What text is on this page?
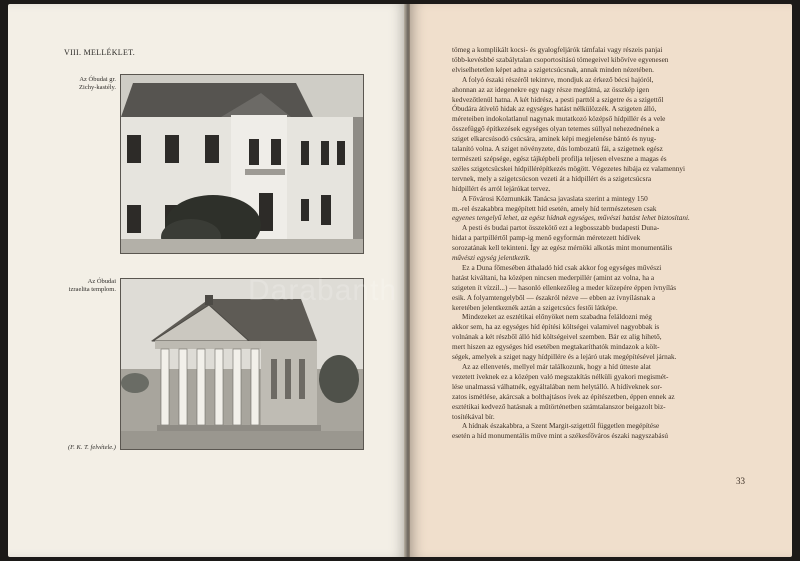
VIII. MELLÉKLET.
Az Óbudai gr.
Zichy-kastély.
Az Óbudai
izraelita templom.
(F. K. T. felvétele.)

tömeg a komplikált kocsi- és gyalogfeljárók támfalai vagy részeis panjai

több-kevésbbé szabálytalan csoportosítású tömegeivel kibővíve egyenesen

elviselhetetlen képet adna a szigetcsúcsnak, annak minden nézetében.

A folyó északi részéről tekintve, mondjuk az érkező bécsi hajóról,

ahonnan az az idegenekre egy nagy része meglátná, az összkép igen

kedvezőtlenül hatna. A két hídrész, a pesti parttól a szigetre és a szigettől

Óbudára átívelő hidak az egységes hatást nélkülözzék. A szigeten álló,

méreteiben indokolatlanul nagynak mutatkozó középső hídpillér és a vele

összefüggő építkezések egységes olyan tetemes súllyal nehezednének a

sziget elkarcsúsodó csúcsára, aminek képi megjelenése bántó és nyug-

talanító volna. A sziget növényzete, dús lombozatú fái, a szigetnek egész

természeti szépsége, egész tájképbeli profilja teljesen elveszne a magas és

széles szigetcsücskei hídpillérépítkezés mögött. Végezetes hibája ez valamennyi

tervnek, mely a szigetcsúcson vezeti át a hídpillért és a szigetcsúcsra

hídpillért és arról lejárókat tervez.

A Fővárosi Közmunkák Tanácsa javaslata szerint a mintegy 150

m.-rel északabbra megépített híd esetén, amely híd természetesen csak

egyenes tengelyű lehet, az egész hídnak egységes, művészi hatást lehet biztosítani.

A pesti és budai partot összekötő ezt a legbosszabb budapesti Duna-

hidat a partpillértől pamp-ig menő egyformán méretezett hídívek

sorozatának kell tekinteni. Így az egész mérnöki alkotás mint monumentális

művészi egység jelentkezik.

Ez a Duna főmesében áthaladó híd csak akkor fog egységes művészi

hatást kiváltani, ha középen nincsen mederpillér (amint az volna, ha a

szigeten ít vízzil...) — hasonló ellenkezőleg a meder közepére éppen ívnyílás

esik. A folyamtengelyből — északról nézve — ebben az ívnyílásnak a

keretében jelentkeznék aztán a szigetcsúcs festői látképe.

Mindezeket az esztétikai előnyöket nem szabadna feláldozni még

akkor sem, ha az egységes híd építési költségei valamivel nagyobbak is

volnának a két részből álló híd költségeivel szemben. Bár ez alig hihető,

mert hiszen az egységes híd esetében megtakaríthatók mindazok a költ-

ségek, amelyek a sziget nagy hídpillére és a lejáró utak megépítésével járnak.

Az az ellenvetés, mellyel már találkozunk, hogy a híd útteste alat

vezetett íveknek ez a középen való megszakítás nélküli gyakori megismét-

lése unalmassá válhatnék, egyáltalában nem helytálló. A hídíveknek sor-

zatos ismétlése, akárcsak a bolthajtásos ívek az építészetben, éppen ennek az

esztétikai kedvező hatásnak a műtörténetben számtalanszor beigazolt biz-

tosítékával bír.

A hídnak északabbra, a Szent Margit-szigettől független megépítése

esetén a híd monumentális műve mint a székesfőváros északi nagyszabású

33
Darabanth
